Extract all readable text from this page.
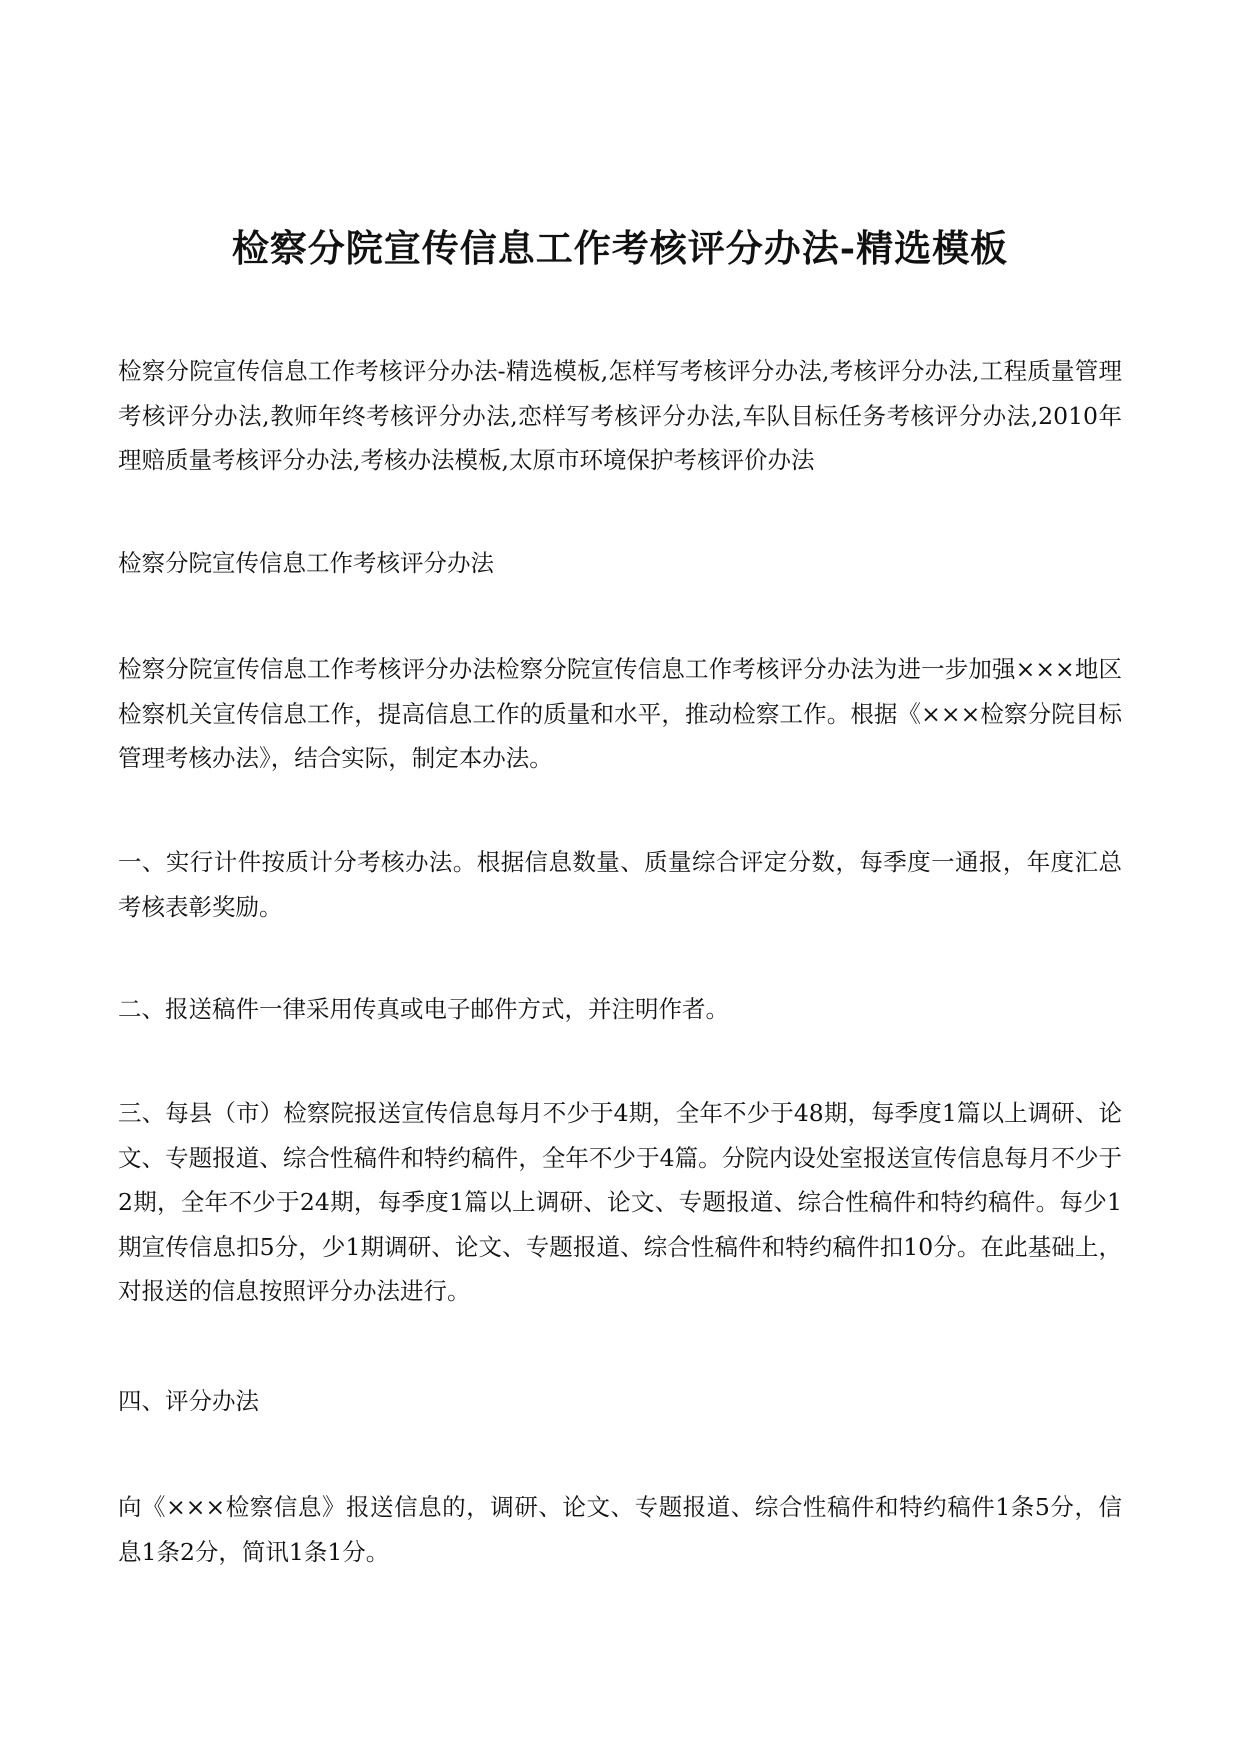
检察分院宣传信息工作考核评分办法-精选模板

检察分院宣传信息工作考核评分办法-精选模板,怎样写考核评分办法,考核评分办法,工程质量管理考核评分办法,教师年终考核评分办法,恋样写考核评分办法,车队目标任务考核评分办法,2010年理赔质量考核评分办法,考核办法模板,太原市环境保护考核评价办法

检察分院宣传信息工作考核评分办法

检察分院宣传信息工作考核评分办法检察分院宣传信息工作考核评分办法为进一步加强×××地区检察机关宣传信息工作，提高信息工作的质量和水平，推动检察工作。根据《×××检察分院目标管理考核办法》，结合实际，制定本办法。

一、实行计件按质计分考核办法。根据信息数量、质量综合评定分数，每季度一通报，年度汇总考核表彰奖励。

二、报送稿件一律采用传真或电子邮件方式，并注明作者。

三、每县（市）检察院报送宣传信息每月不少于4期，全年不少于48期，每季度1篇以上调研、论文、专题报道、综合性稿件和特约稿件，全年不少于4篇。分院内设处室报送宣传信息每月不少于2期，全年不少于24期，每季度1篇以上调研、论文、专题报道、综合性稿件和特约稿件。每少1期宣传信息扣5分，少1期调研、论文、专题报道、综合性稿件和特约稿件扣10分。在此基础上，对报送的信息按照评分办法进行。

四、评分办法

向《×××检察信息》报送信息的，调研、论文、专题报道、综合性稿件和特约稿件1条5分，信息1条2分，简讯1条1分。
